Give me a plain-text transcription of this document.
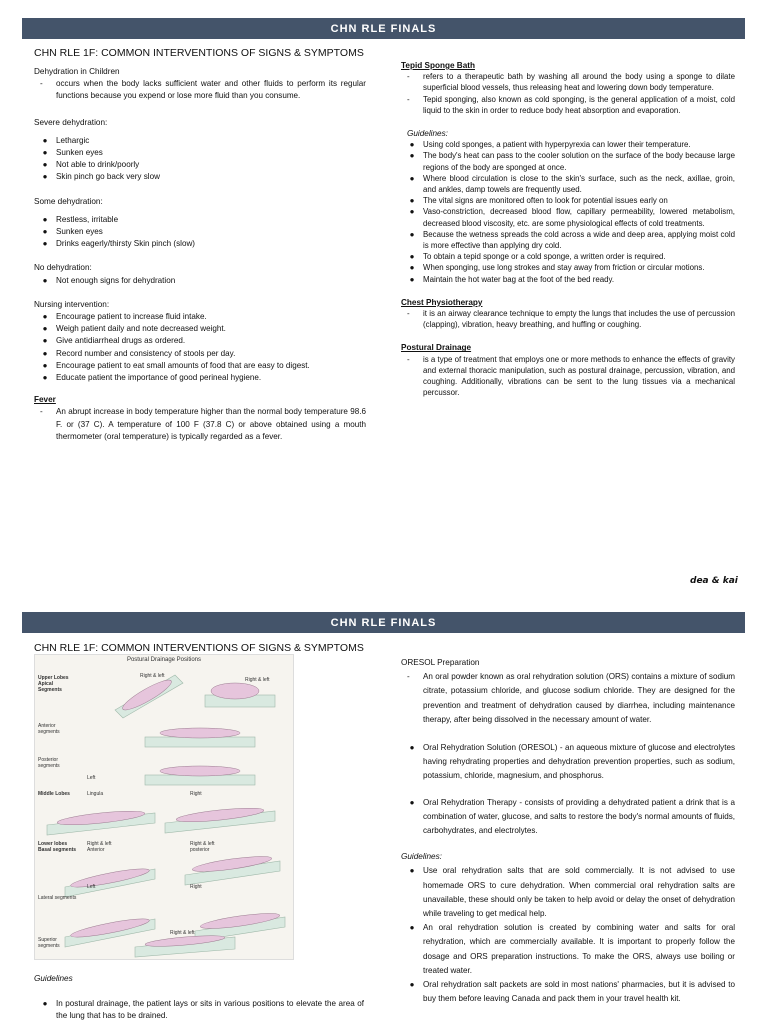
CHN RLE FINALS
CHN RLE 1F: COMMON INTERVENTIONS OF SIGNS & SYMPTOMS

Dehydration in Children

-	occurs when the body lacks sufficient water and other fluids to perform its regular functions because you expend or lose more fluid than you consume.

Severe dehydration:

●	Lethargic
●	Sunken eyes
●	Not able to drink/poorly
●	Skin pinch go back very slow

Some dehydration:

●	Restless, irritable
●	Sunken eyes
●	Drinks eagerly/thirsty Skin pinch (slow)

No dehydration:

●	Not enough signs for dehydration

Nursing intervention:

●	Encourage patient to increase fluid intake.
●	Weigh patient daily and note decreased weight.
●	Give antidiarrheal drugs as ordered.
●	Record number and consistency of stools per day.
●	Encourage patient to eat small amounts of food that are easy to digest.
●	Educate patient the importance of good perineal hygiene.

Fever

-	An abrupt increase in body temperature higher than the normal body temperature 98.6 F. or (37 C). A temperature of 100 F (37.8 C) or above obtained using a mouth thermometer (oral temperature) is typically regarded as a fever.

Tepid Sponge Bath

-	refers to a therapeutic bath by washing all around the body using a sponge to dilate superficial blood vessels, thus releasing heat and lowering down body temperature.
-	Tepid sponging, also known as cold sponging, is the general application of a moist, cold liquid to the skin in order to reduce body heat absorption and evaporation.

Guidelines:

●	Using cold sponges, a patient with hyperpyrexia can lower their temperature.
●	The body's heat can pass to the cooler solution on the surface of the body because large regions of the body are sponged at once.
●	Where blood circulation is close to the skin's surface, such as the neck, axillae, groin, and ankles, damp towels are frequently used.
●	The vital signs are monitored often to look for potential issues early on
●	Vaso-constriction, decreased blood flow, capillary permeability, lowered metabolism, decreased blood viscosity, etc. are some physiological effects of cold treatments.
●	Because the wetness spreads the cold across a wide and deep area, applying moist cold is more effective than applying dry cold.
●	To obtain a tepid sponge or a cold sponge, a written order is required.
●	When sponging, use long strokes and stay away from friction or circular motions.
●	Maintain the hot water bag at the foot of the bed ready.

Chest Physiotherapy

-	it is an airway clearance technique to empty the lungs that includes the use of percussion (clapping), vibration, heavy breathing, and huffing or coughing.

Postural Drainage

-	is a type of treatment that employs one or more methods to enhance the effects of gravity and external thoracic manipulation, such as postural drainage, percussion, vibration, and coughing. Additionally, vibrations can be sent to the lung tissues via a mechanical percussor.
dea & kai
CHN RLE FINALS
CHN RLE 1F: COMMON INTERVENTIONS OF SIGNS & SYMPTOMS
Postural Drainage Positions
Upper Lobes Apical Segments
Anterior segments
Posterior segments
Middle Lobes	Lingula	Right
Lower lobes Basal segments
Right & left Anterior
Right & left posterior
Lateral segments
Left	Right
Superior segments
Right & left
Right & left
Right & left
Left

Guidelines

●	In postural drainage, the patient lays or sits in various positions to elevate the area of the lung that has to be drained.

ORESOL Preparation

-	An oral powder known as oral rehydration solution (ORS) contains a mixture of sodium citrate, potassium chloride, and glucose sodium chloride. They are designed for the prevention and treatment of dehydration caused by diarrhea, including maintenance therapy, after being dissolved in the necessary amount of water.
●	Oral Rehydration Solution (ORESOL) - an aqueous mixture of glucose and electrolytes having rehydrating properties and dehydration prevention properties, such as sodium, potassium, chloride, magnesium, and phosphorus.
●	Oral Rehydration Therapy - consists of providing a dehydrated patient a drink that is a combination of water, glucose, and salts to restore the body's normal amounts of fluids, carbohydrates, and electrolytes.

Guidelines:

●	Use oral rehydration salts that are sold commercially. It is not advised to use homemade ORS to cure dehydration. When commercial oral rehydration salts are unavailable, these should only be taken to help avoid or delay the onset of dehydration while traveling to get medical help.
●	An oral rehydration solution is created by combining water and salts for oral rehydration, which are commercially available. It is important to properly follow the dosage and ORS preparation instructions. To make the ORS, always use boiling or treated water.
●	Oral rehydration salt packets are sold in most nations' pharmacies, but it is advised to buy them before leaving Canada and pack them in your travel health kit.
